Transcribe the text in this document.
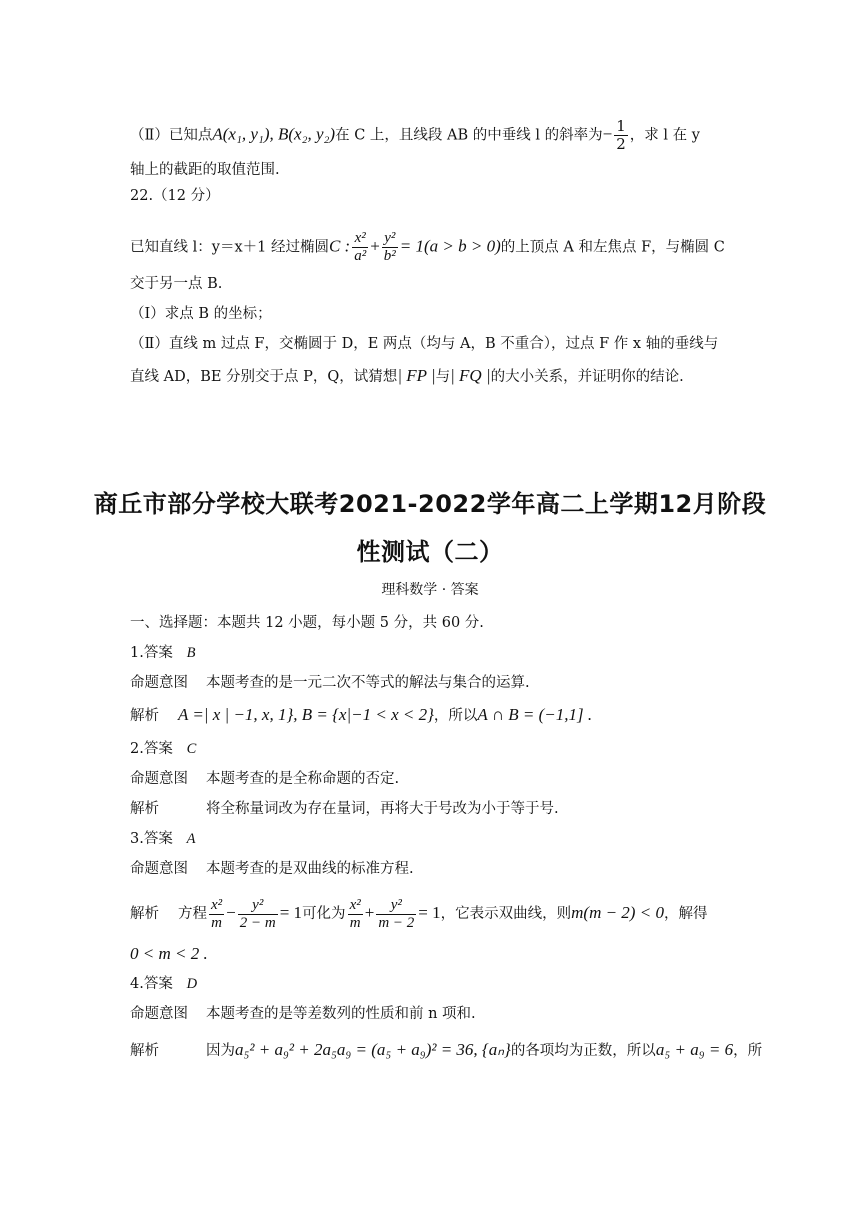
（Ⅱ）已知点A(x₁, y₁), B(x₂, y₂)在 C 上，且线段 AB 的中垂线 l 的斜率为− $\frac{1}{2}$ ，求 l 在 y
轴上的截距的取值范围.
22.（12 分）
已知直线 l：y＝x＋1 经过椭圆C : $\frac{\text{x²}}{\text{a²}} + \frac{\text{y²}}{\text{b²}} = 1(a > b > 0)$的上顶点 A 和左焦点 F，与椭圆 C
交于另一点 B.
（Ⅰ）求点 B 的坐标；
（Ⅱ）直线 m 过点 F，交椭圆于 D，E 两点（均与 A，B 不重合），过点 F 作 x 轴的垂线与
直线 AD，BE 分别交于点 P，Q，试猜想| FP |与| FQ |的大小关系，并证明你的结论.
商丘市部分学校大联考2021-2022学年高二上学期12月阶段
性测试（二）
理科数学 · 答案
一、选择题：本题共 12 小题，每小题 5 分，共 60 分.
1.答案 B
命题意图 本题考查的是一元二次不等式的解法与集合的运算.
解析 A =| x | −1, x, 1}, B = {x|−1 < x < 2}，所以A ∩ B = (−1,1] .
2.答案 C
命题意图 本题考查的是全称命题的否定.
解析	将全称量词改为存在量词，再将大于号改为小于等于号.
3.答案 A
命题意图 本题考查的是双曲线的标准方程.
解析 方程 $\frac{\text{x²}}{m} - \frac{\text{y²}}{2 - m} = 1$可化为 $\frac{\text{x²}}{m} + \frac{\text{y²}}{m - 2} = 1$，它表示双曲线，则m(m − 2) < 0，解得
0 < m < 2 .
4.答案 D
命题意图 本题考查的是等差数列的性质和前 n 项和.
解析	因为a₅² + a₉² + 2a₅a₉ = (a₅ + a₉)² = 36, {aₙ}的各项均为正数，所以a₅ + a₉ = 6，所
